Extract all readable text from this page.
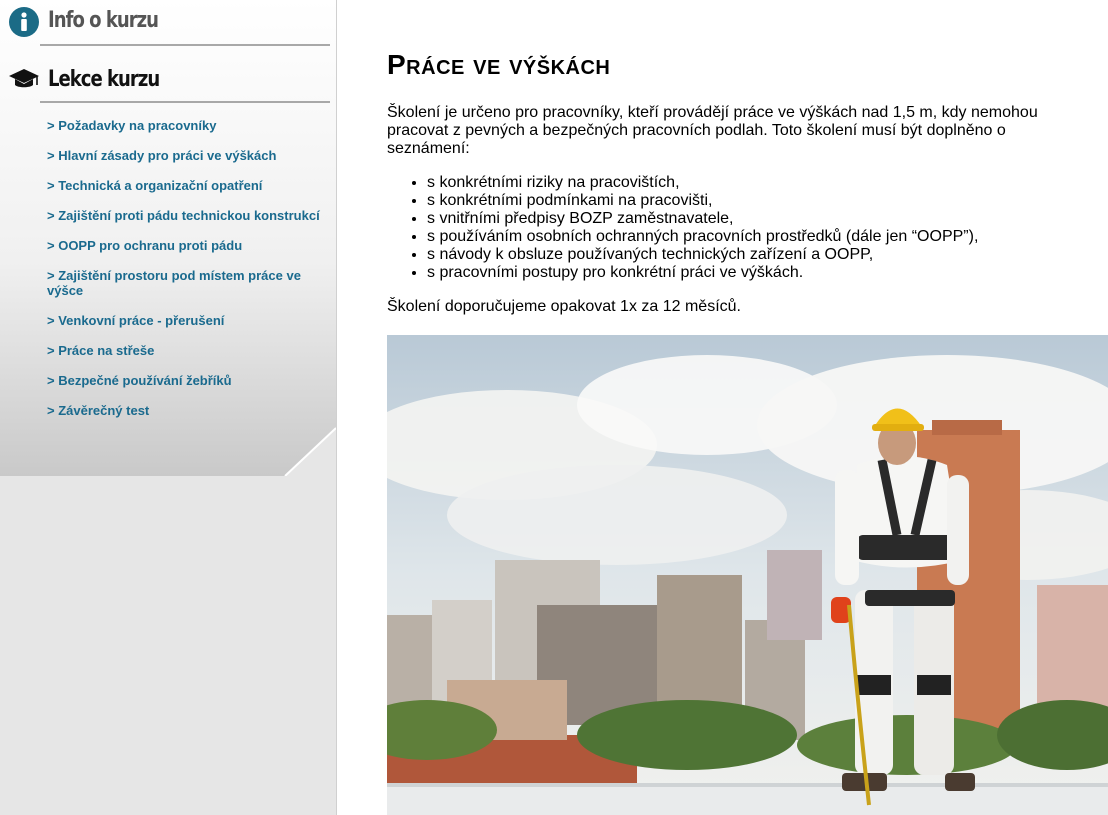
Info o kurzu
Lekce kurzu
> Požadavky na pracovníky
> Hlavní zásady pro práci ve výškách
> Technická a organizační opatření
> Zajištění proti pádu technickou konstrukcí
> OOPP pro ochranu proti pádu
> Zajištění prostoru pod místem práce ve výšce
> Venkovní práce - přerušení
> Práce na střeše
> Bezpečné používání žebříků
> Závěrečný test
Práce ve výškách

Školení je určeno pro pracovníky, kteří provádějí práce ve výškách nad 1,5 m, kdy nemohou pracovat z pevných a bezpečných pracovních podlah. Toto školení musí být doplněno o seznámení:

• s konkrétními riziky na pracovištích,
• s konkrétními podmínkami na pracovišti,
• s vnitřními předpisy BOZP zaměstnavatele,
• s používáním osobních ochranných pracovních prostředků (dále jen “OOPP”),
• s návody k obsluze používaných technických zařízení a OOPP,
• s pracovními postupy pro konkrétní práci ve výškách.

Školení doporučujeme opakovat 1x za 12 měsíců.
